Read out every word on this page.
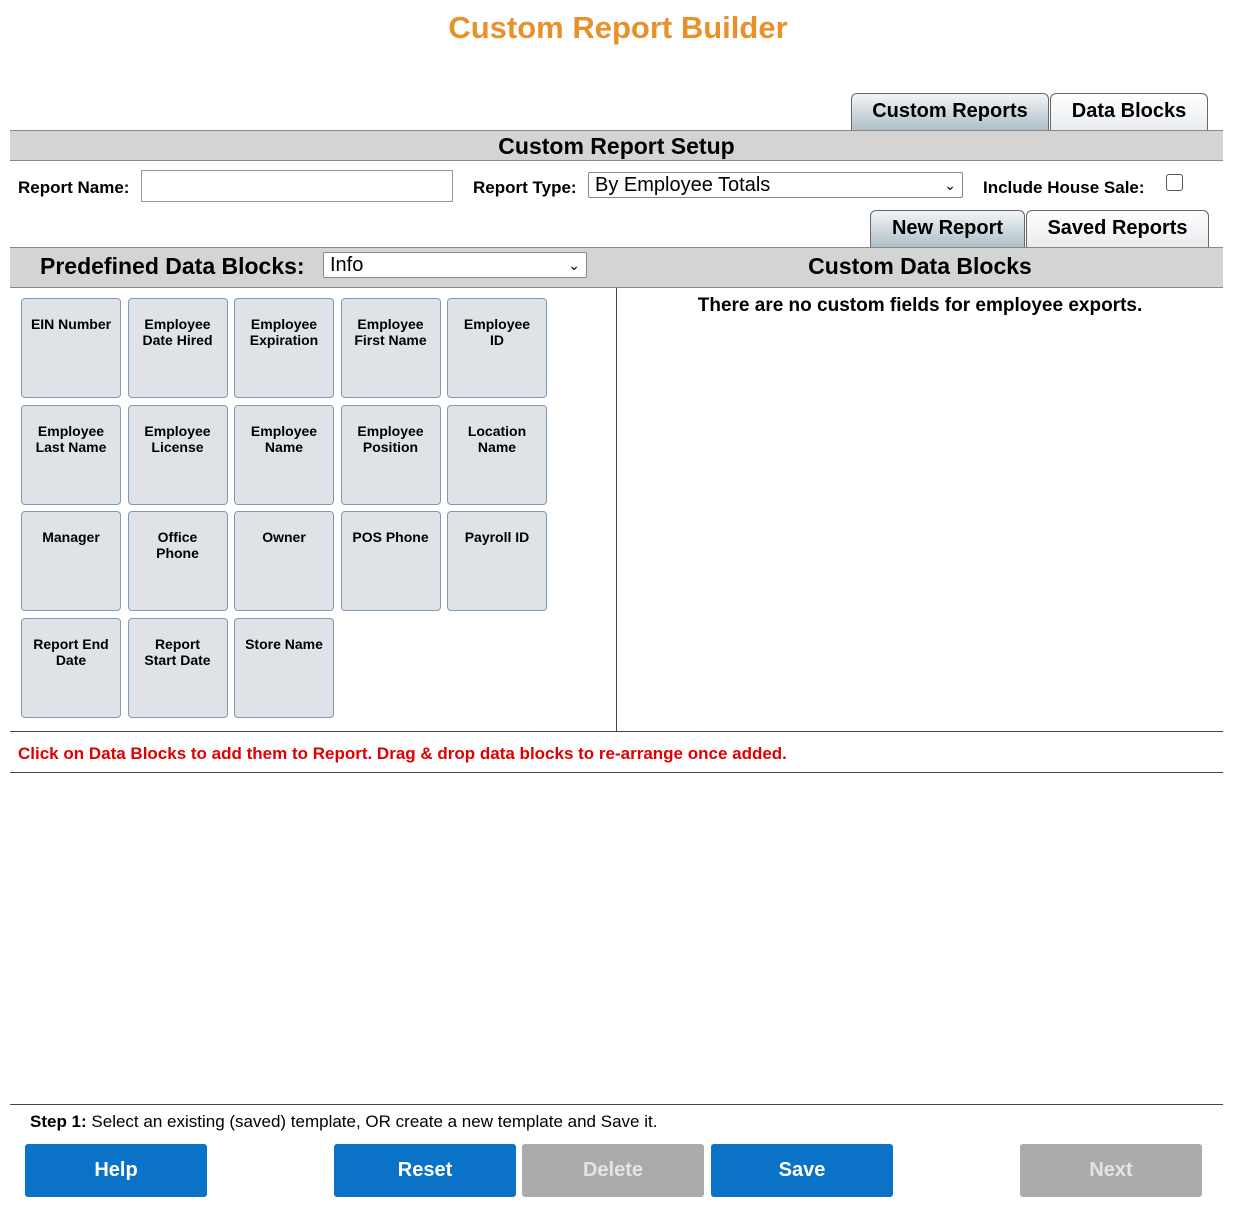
Custom Report Builder
Custom Reports	Data Blocks
Custom Report Setup
Report Name:	Report Type: By Employee Totals	⌄ Include House Sale:
New Report	Saved Reports
Predefined Data Blocks:	Info	⌄	Custom Data Blocks
EIN Number	Employee
Date Hired
Employee
Expiration
Employee
First Name
Employee
ID
Employee
Last Name
Employee
License
Employee
Name
Employee
Position
Location
Name
Manager	Office
Phone
Owner	POS Phone	Payroll ID
Report End
Date
Report
Start Date
Store Name
There are no custom fields for employee exports.
Click on Data Blocks to add them to Report. Drag & drop data blocks to re-arrange once added.
Step 1: Select an existing (saved) template, OR create a new template and Save it.
Help	Reset	Delete	Save	Next
